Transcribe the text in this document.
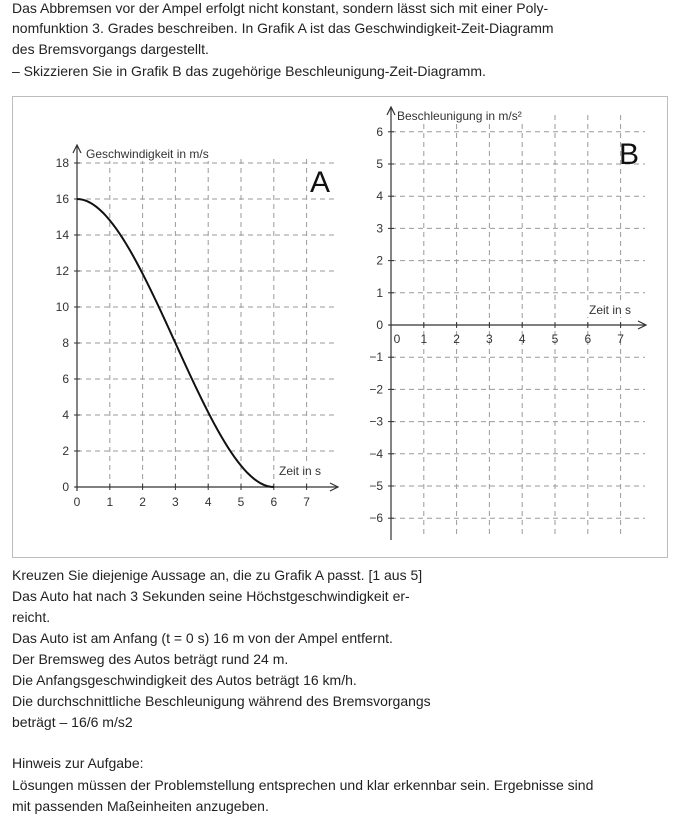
Das Abbremsen vor der Ampel erfolgt nicht konstant, sondern lässt sich mit einer Poly-
nomfunktion 3. Grades beschreiben. In Grafik A ist das Geschwindigkeit-Zeit-Diagramm
des Bremsvorgangs dargestellt.
– Skizzieren Sie in Grafik B das zugehörige Beschleunigung-Zeit-Diagramm.
0 1 2 3 4 5 6 7
0
2
4
6
8
10
12
14
16
18
Geschwindigkeit in m/s
Zeit in s
A
0 1 2 3 4 5 6 7
−6
−5
−4
−3
−2
−1
0
1
2
3
4
5
6
Beschleunigung in m/s²
Zeit in s
B
Kreuzen Sie diejenige Aussage an, die zu Grafik A passt. [1 aus 5]
Das Auto hat nach 3 Sekunden seine Höchstgeschwindigkeit er-
reicht.
Das Auto ist am Anfang (t = 0 s) 16 m von der Ampel entfernt.
Der Bremsweg des Autos beträgt rund 24 m.
Die Anfangsgeschwindigkeit des Autos beträgt 16 km/h.
Die durchschnittliche Beschleunigung während des Bremsvorgangs
beträgt – 16/6 m/s2
Hinweis zur Aufgabe:
Lösungen müssen der Problemstellung entsprechen und klar erkennbar sein. Ergebnisse sind
mit passenden Maßeinheiten anzugeben.
